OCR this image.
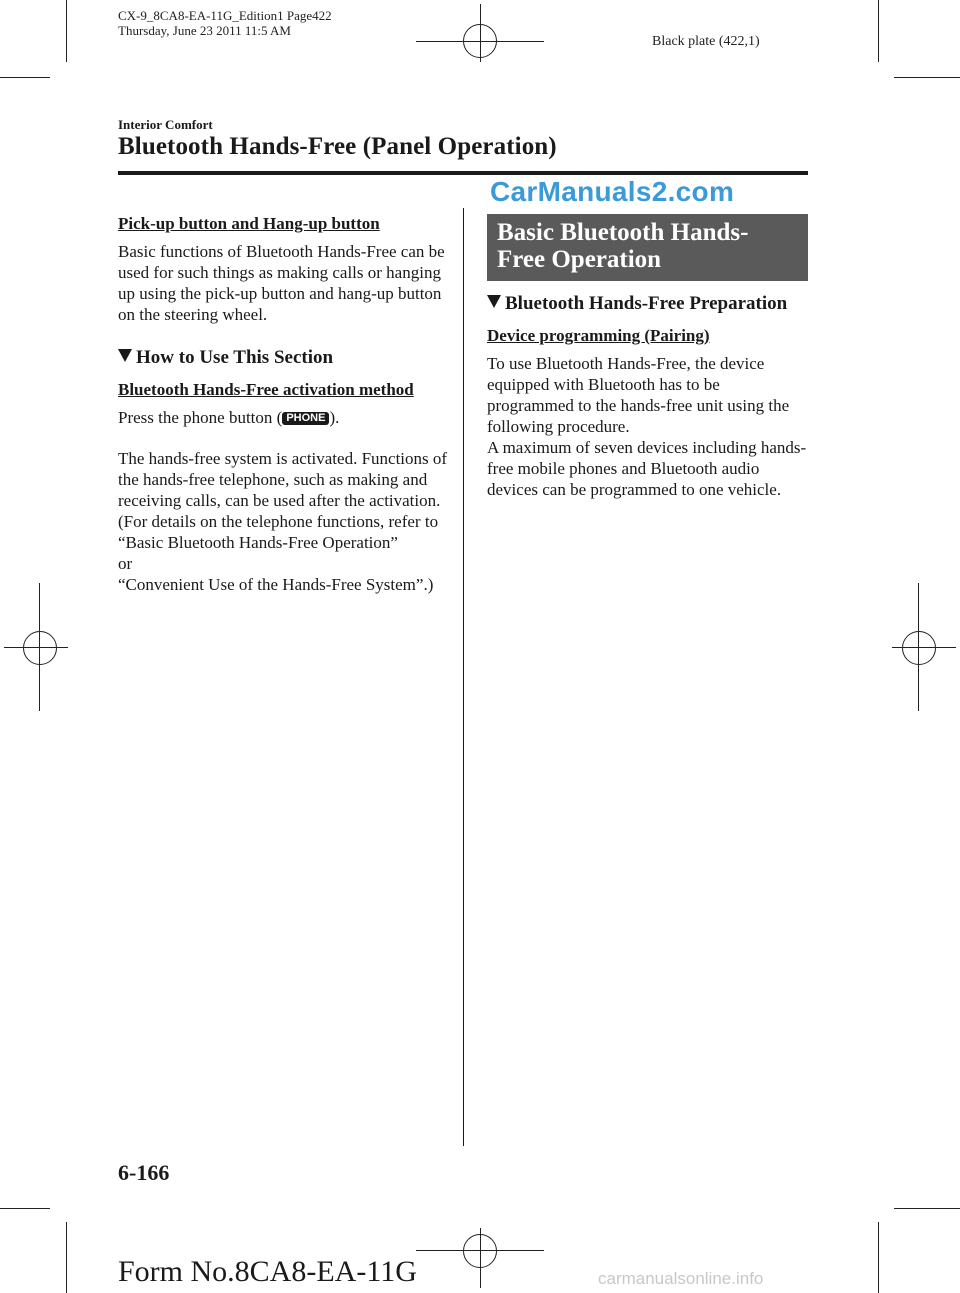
CX-9_8CA8-EA-11G_Edition1 Page422
Thursday, June 23 2011 11:5 AM
Black plate (422,1)
Interior Comfort
Bluetooth Hands-Free (Panel Operation)
CarManuals2.com

Pick-up button and Hang-up button

Basic functions of Bluetooth Hands-Free can be used for such things as making calls or hanging up using the pick-up button and hang-up button on the steering wheel.

How to Use This Section

Bluetooth Hands-Free activation method

Press the phone button ( PHONE ).

The hands-free system is activated. Functions of the hands-free telephone, such as making and receiving calls, can be used after the activation. (For details on the telephone functions, refer to

“Basic Bluetooth Hands-Free Operation”

or

“Convenient Use of the Hands-Free System”.)

Basic Bluetooth Hands-
Free Operation

Bluetooth Hands-Free Preparation

Device programming (Pairing)

To use Bluetooth Hands-Free, the device equipped with Bluetooth has to be programmed to the hands-free unit using the following procedure.

A maximum of seven devices including hands-free mobile phones and Bluetooth audio devices can be programmed to one vehicle.

6-166
Form No.8CA8-EA-11G	carmanualsonline.info
